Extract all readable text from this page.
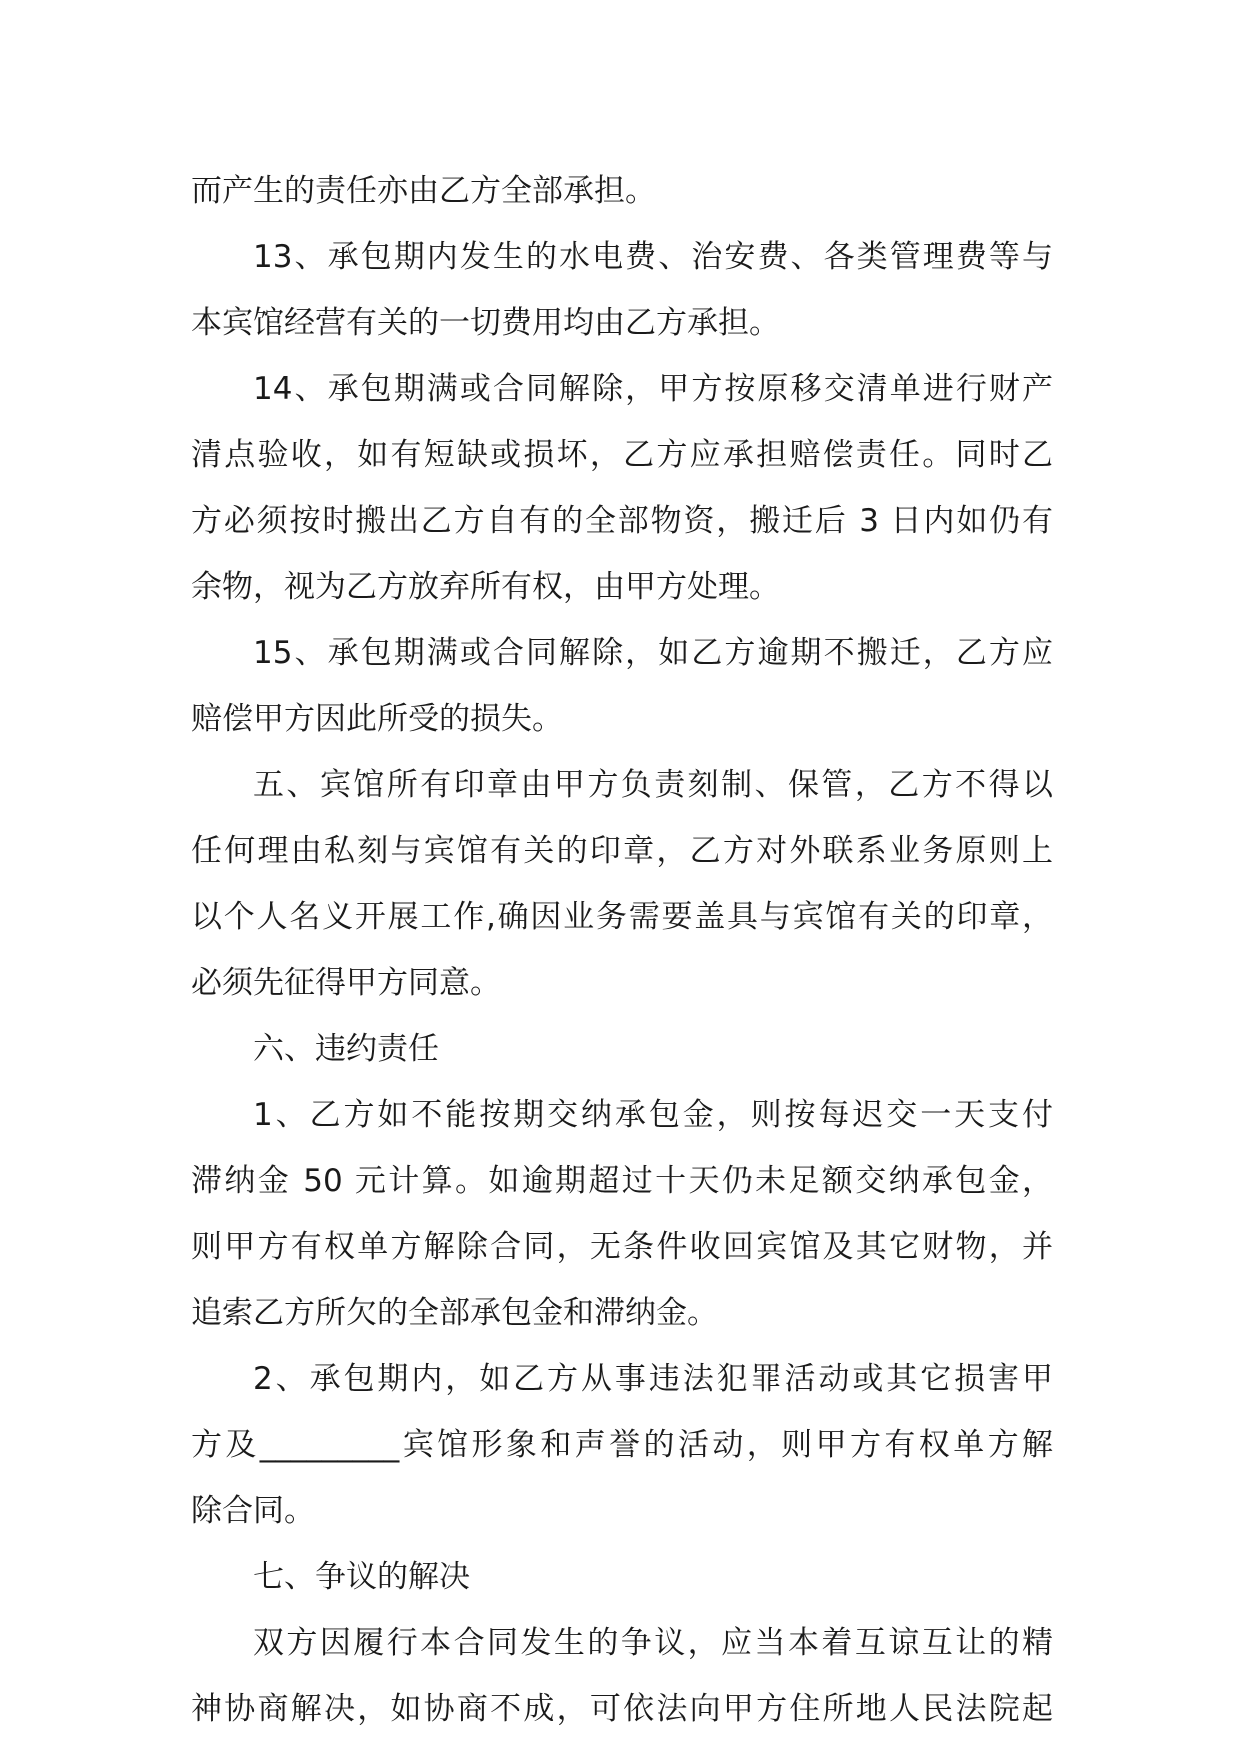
而产生的责任亦由乙方全部承担。
13、承包期内发生的水电费、治安费、各类管理费等与
本宾馆经营有关的一切费用均由乙方承担。
14、承包期满或合同解除，甲方按原移交清单进行财产
清点验收，如有短缺或损坏，乙方应承担赔偿责任。同时乙
方必须按时搬出乙方自有的全部物资，搬迁后 3 日内如仍有
余物，视为乙方放弃所有权，由甲方处理。
15、承包期满或合同解除，如乙方逾期不搬迁，乙方应
赔偿甲方因此所受的损失。
五、宾馆所有印章由甲方负责刻制、保管，乙方不得以
任何理由私刻与宾馆有关的印章，乙方对外联系业务原则上
以个人名义开展工作,确因业务需要盖具与宾馆有关的印章，
必须先征得甲方同意。
六、违约责任
1、乙方如不能按期交纳承包金，则按每迟交一天支付
滞纳金 50 元计算。如逾期超过十天仍未足额交纳承包金，
则甲方有权单方解除合同，无条件收回宾馆及其它财物，并
追索乙方所欠的全部承包金和滞纳金。
2、承包期内，如乙方从事违法犯罪活动或其它损害甲
方及_________宾馆形象和声誉的活动，则甲方有权单方解
除合同。
七、争议的解决
双方因履行本合同发生的争议，应当本着互谅互让的精
神协商解决，如协商不成，可依法向甲方住所地人民法院起
